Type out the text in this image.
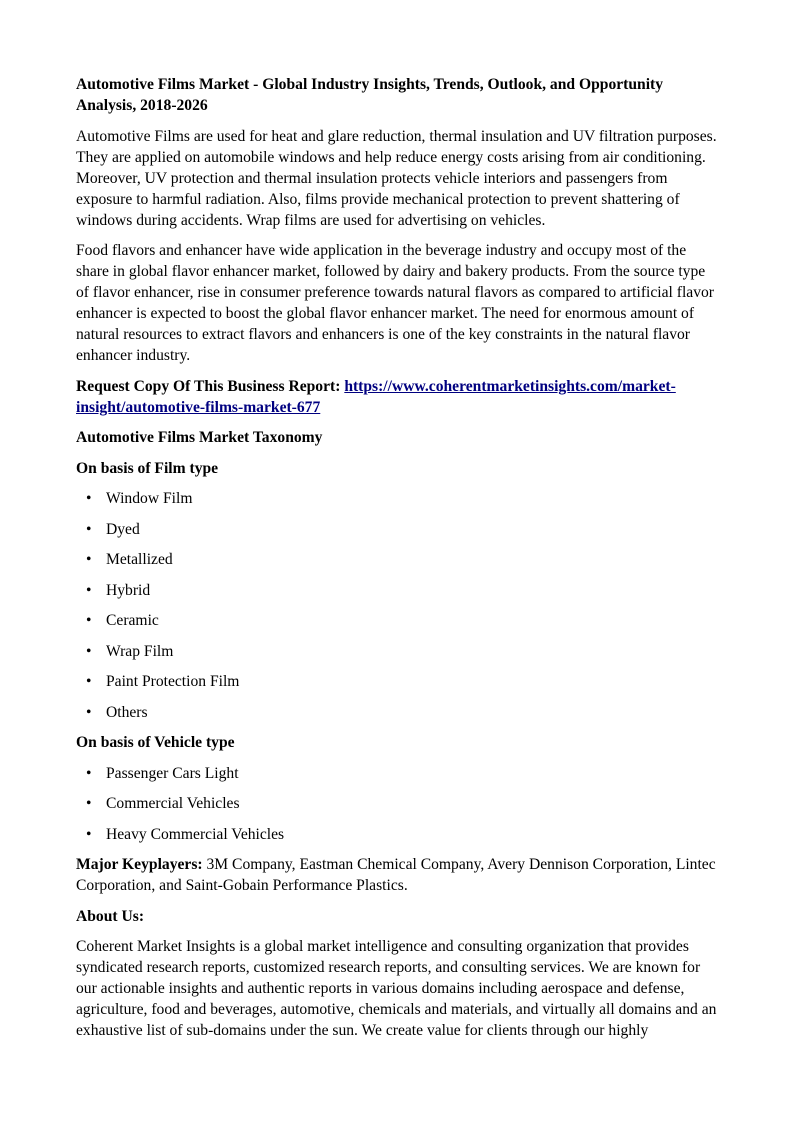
Automotive Films Market - Global Industry Insights, Trends, Outlook, and Opportunity Analysis, 2018-2026

Automotive Films are used for heat and glare reduction, thermal insulation and UV filtration purposes. They are applied on automobile windows and help reduce energy costs arising from air conditioning. Moreover, UV protection and thermal insulation protects vehicle interiors and passengers from exposure to harmful radiation. Also, films provide mechanical protection to prevent shattering of windows during accidents. Wrap films are used for advertising on vehicles.

Food flavors and enhancer have wide application in the beverage industry and occupy most of the share in global flavor enhancer market, followed by dairy and bakery products. From the source type of flavor enhancer, rise in consumer preference towards natural flavors as compared to artificial flavor enhancer is expected to boost the global flavor enhancer market. The need for enormous amount of natural resources to extract flavors and enhancers is one of the key constraints in the natural flavor enhancer industry.

Request Copy Of This Business Report: https://www.coherentmarketinsights.com/market-insight/automotive-films-market-677

Automotive Films Market Taxonomy

On basis of Film type

• Window Film
• Dyed
• Metallized
• Hybrid
• Ceramic
• Wrap Film
• Paint Protection Film
• Others

On basis of Vehicle type

• Passenger Cars Light
• Commercial Vehicles
• Heavy Commercial Vehicles

Major Keyplayers: 3M Company, Eastman Chemical Company, Avery Dennison Corporation, Lintec Corporation, and Saint-Gobain Performance Plastics.

About Us:

Coherent Market Insights is a global market intelligence and consulting organization that provides syndicated research reports, customized research reports, and consulting services. We are known for our actionable insights and authentic reports in various domains including aerospace and defense, agriculture, food and beverages, automotive, chemicals and materials, and virtually all domains and an exhaustive list of sub-domains under the sun. We create value for clients through our highly
